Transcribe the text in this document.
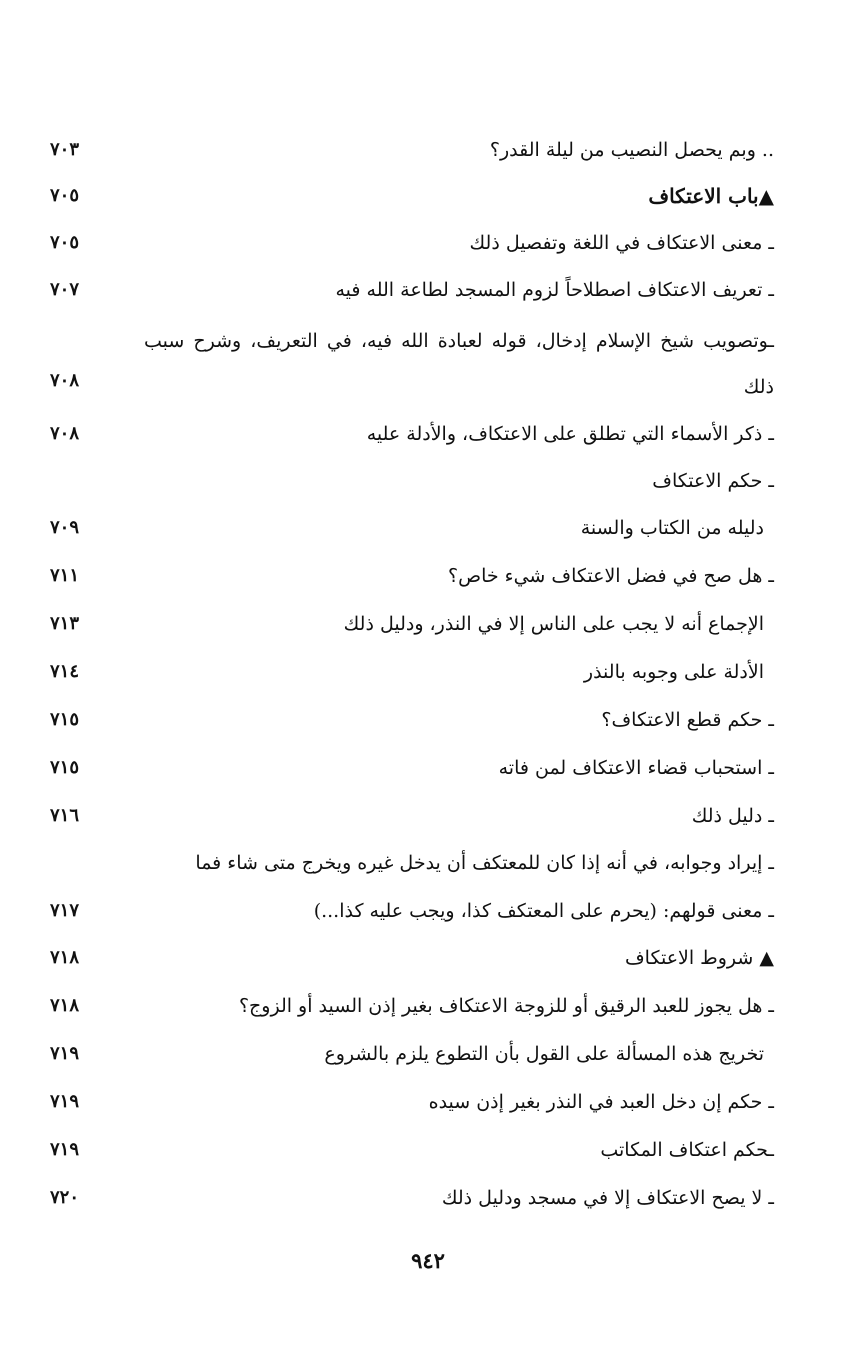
.. وبم يحصل النصيب من ليلة القدر؟
٧٠٣
▲باب الاعتكاف
٧٠٥
ـ معنى الاعتكاف في اللغة وتفصيل ذلك
٧٠٥
ـ تعريف الاعتكاف اصطلاحاً لزوم المسجد لطاعة الله فيه
٧٠٧
ـوتصويب شيخ الإسلام إدخال، قوله لعبادة الله فيه، في التعريف، وشرح سبب ذلك
٧٠٨
ـ ذكر الأسماء التي تطلق على الاعتكاف، والأدلة عليه
٧٠٨
ـ حكم الاعتكاف
دليله من الكتاب والسنة
٧٠٩
ـ هل صح في فضل الاعتكاف شيء خاص؟
٧١١
الإجماع أنه لا يجب على الناس إلا في النذر، ودليل ذلك
٧١٣
الأدلة على وجوبه بالنذر
٧١٤
ـ حكم قطع الاعتكاف؟
٧١٥
ـ استحباب قضاء الاعتكاف لمن فاته
٧١٥
ـ دليل ذلك
٧١٦
ـ إيراد وجوابه، في أنه إذا كان للمعتكف أن يدخل غيره ويخرج متى شاء فما
ـ معنى قولهم: (يحرم على المعتكف كذا، ويجب عليه كذا...)
٧١٧
▲ شروط الاعتكاف
٧١٨
ـ هل يجوز للعبد الرقيق أو للزوجة الاعتكاف بغير إذن السيد أو الزوج؟
٧١٨
تخريج هذه المسألة على القول بأن التطوع يلزم بالشروع
٧١٩
ـ حكم إن دخل العبد في النذر بغير إذن سيده
٧١٩
ـحكم اعتكاف المكاتب
٧١٩
ـ لا يصح الاعتكاف إلا في مسجد ودليل ذلك
٧٢٠
٩٤٢
